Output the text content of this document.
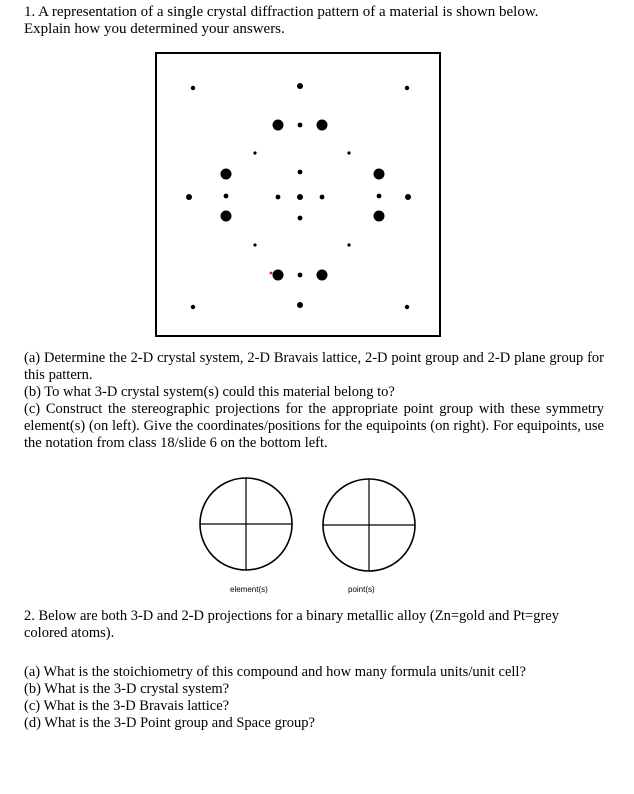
1. A representation of a single crystal diffraction pattern of a material is shown below.
Explain how you determined your answers.
(a) Determine the 2-D crystal system, 2-D Bravais lattice, 2-D point group and 2-D plane group for this pattern.
(b) To what 3-D crystal system(s) could this material belong to?
(c) Construct the stereographic projections for the appropriate point group with these symmetry element(s) (on left). Give the coordinates/positions for the equipoints (on right). For equipoints, use the notation from class 18/slide 6 on the bottom left.
element(s)	point(s)
2. Below are both 3-D and 2-D projections for a binary metallic alloy (Zn=gold and Pt=grey colored atoms).
(a) What is the stoichiometry of this compound and how many formula units/unit cell?
(b) What is the 3-D crystal system?
(c) What is the 3-D Bravais lattice?
(d) What is the 3-D Point group and Space group?
